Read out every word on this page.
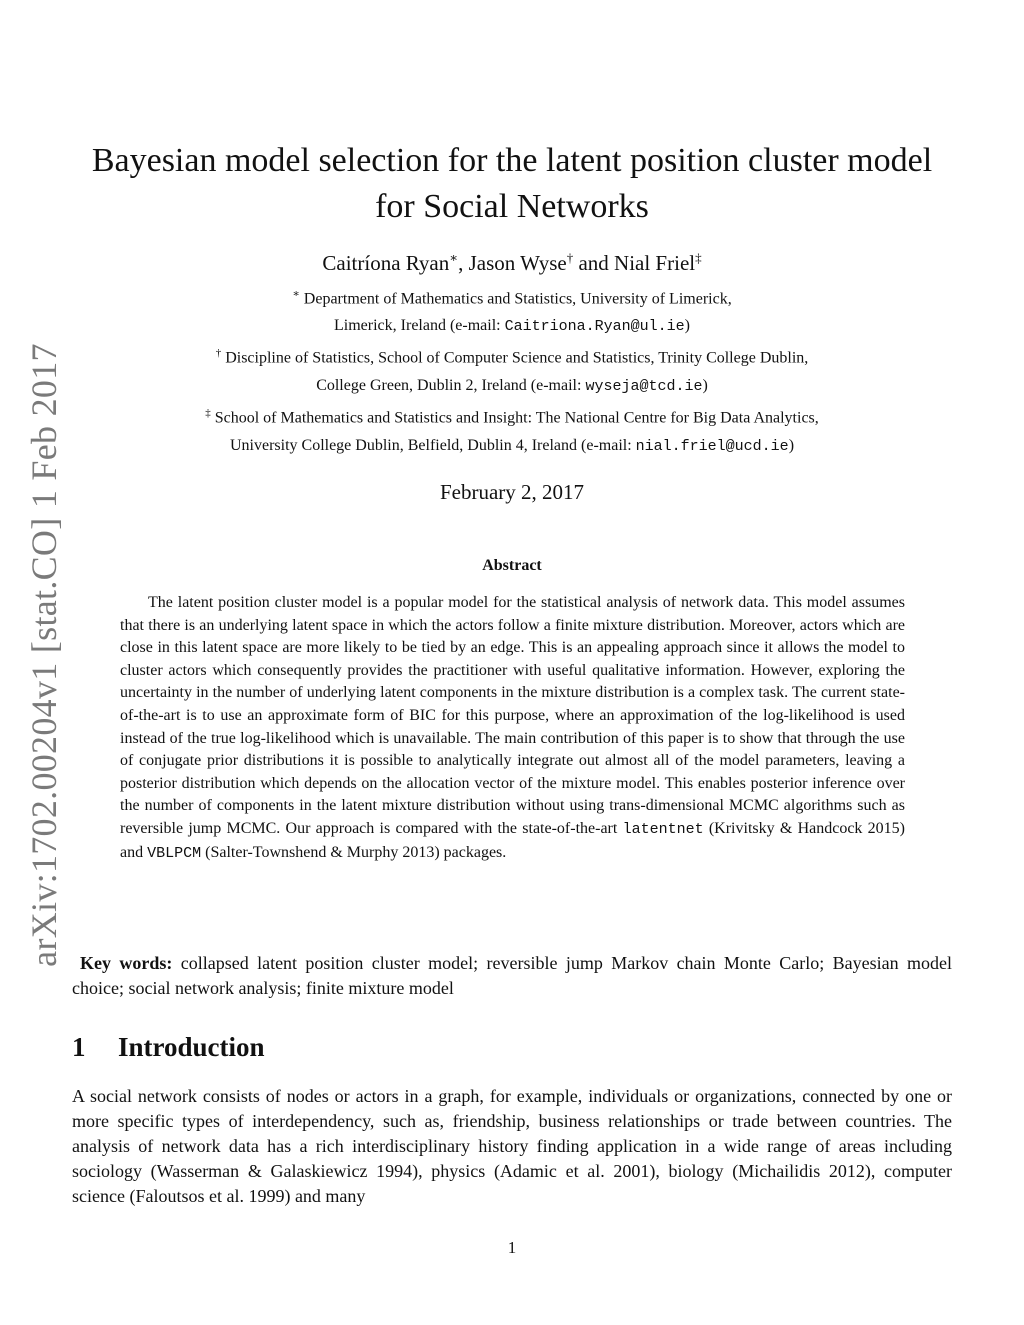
arXiv:1702.00204v1 [stat.CO] 1 Feb 2017
Bayesian model selection for the latent position cluster model
for Social Networks
Caitríona Ryan∗, Jason Wyse† and Nial Friel‡
∗ Department of Mathematics and Statistics, University of Limerick,
Limerick, Ireland (e-mail: Caitriona.Ryan@ul.ie)
† Discipline of Statistics, School of Computer Science and Statistics, Trinity College Dublin,
College Green, Dublin 2, Ireland (e-mail: wyseja@tcd.ie)
‡ School of Mathematics and Statistics and Insight: The National Centre for Big Data Analytics,
University College Dublin, Belfield, Dublin 4, Ireland (e-mail: nial.friel@ucd.ie)
February 2, 2017
Abstract

The latent position cluster model is a popular model for the statistical analysis of network data. This model assumes that there is an underlying latent space in which the actors follow a finite mixture distribution. Moreover, actors which are close in this latent space are more likely to be tied by an edge. This is an appealing approach since it allows the model to cluster actors which consequently provides the practitioner with useful qualitative information. However, exploring the uncertainty in the number of underlying latent components in the mixture distribution is a complex task. The current state-of-the-art is to use an approximate form of BIC for this purpose, where an approximation of the log-likelihood is used instead of the true log-likelihood which is unavailable. The main contribution of this paper is to show that through the use of conjugate prior distributions it is possible to analytically integrate out almost all of the model parameters, leaving a posterior distribution which depends on the allocation vector of the mixture model. This enables posterior inference over the number of components in the latent mixture distribution without using trans-dimensional MCMC algorithms such as reversible jump MCMC. Our approach is compared with the state-of-the-art latentnet (Krivitsky & Handcock 2015) and VBLPCM (Salter-Townshend & Murphy 2013) packages.

Key words: collapsed latent position cluster model; reversible jump Markov chain Monte Carlo; Bayesian model choice; social network analysis; finite mixture model
1 Introduction

A social network consists of nodes or actors in a graph, for example, individuals or organizations, connected by one or more specific types of interdependency, such as, friendship, business relationships or trade between countries. The analysis of network data has a rich interdisciplinary history finding application in a wide range of areas including sociology (Wasserman & Galaskiewicz 1994), physics (Adamic et al. 2001), biology (Michailidis 2012), computer science (Faloutsos et al. 1999) and many

1
